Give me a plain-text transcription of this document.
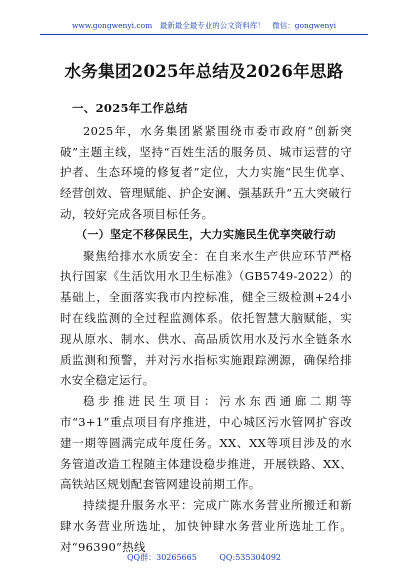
www.gongwenyi.com　最新最全最专业的公文资料库！　微信：gongwenyi
水务集团2025年总结及2026年思路

一、2025年工作总结

2025年，水务集团紧紧围绕市委市政府“创新突破”主题主线，坚持“百姓生活的服务员、城市运营的守护者、生态环境的修复者”定位，大力实施“民生优享、经营创效、管理赋能、护企安澜、强基跃升”五大突破行动，较好完成各项目标任务。

（一）坚定不移保民生，大力实施民生优享突破行动

聚焦给排水水质安全：在自来水生产供应环节严格执行国家《生活饮用水卫生标准》（GB5749-2022）的基础上，全面落实我市内控标准，健全三级检测+24小时在线监测的全过程监测体系。依托智慧大脑赋能，实现从原水、制水、供水、高品质饮用水及污水全链条水质监测和预警，并对污水指标实施跟踪溯源，确保给排水安全稳定运行。

稳步推进民生项目：污水东西通廊二期等市“3+1”重点项目有序推进，中心城区污水管网扩容改建一期等圆满完成年度任务。XX、XX等项目涉及的水务管道改造工程随主体建设稳步推进，开展铁路、XX、高铁站区规划配套管网建设前期工作。

持续提升服务水平：完成广陈水务营业所搬迁和新肆水务营业所选址，加快钟肆水务营业所选址工作。对“96390”热线

QQ群：30265665	QQ:535304092
